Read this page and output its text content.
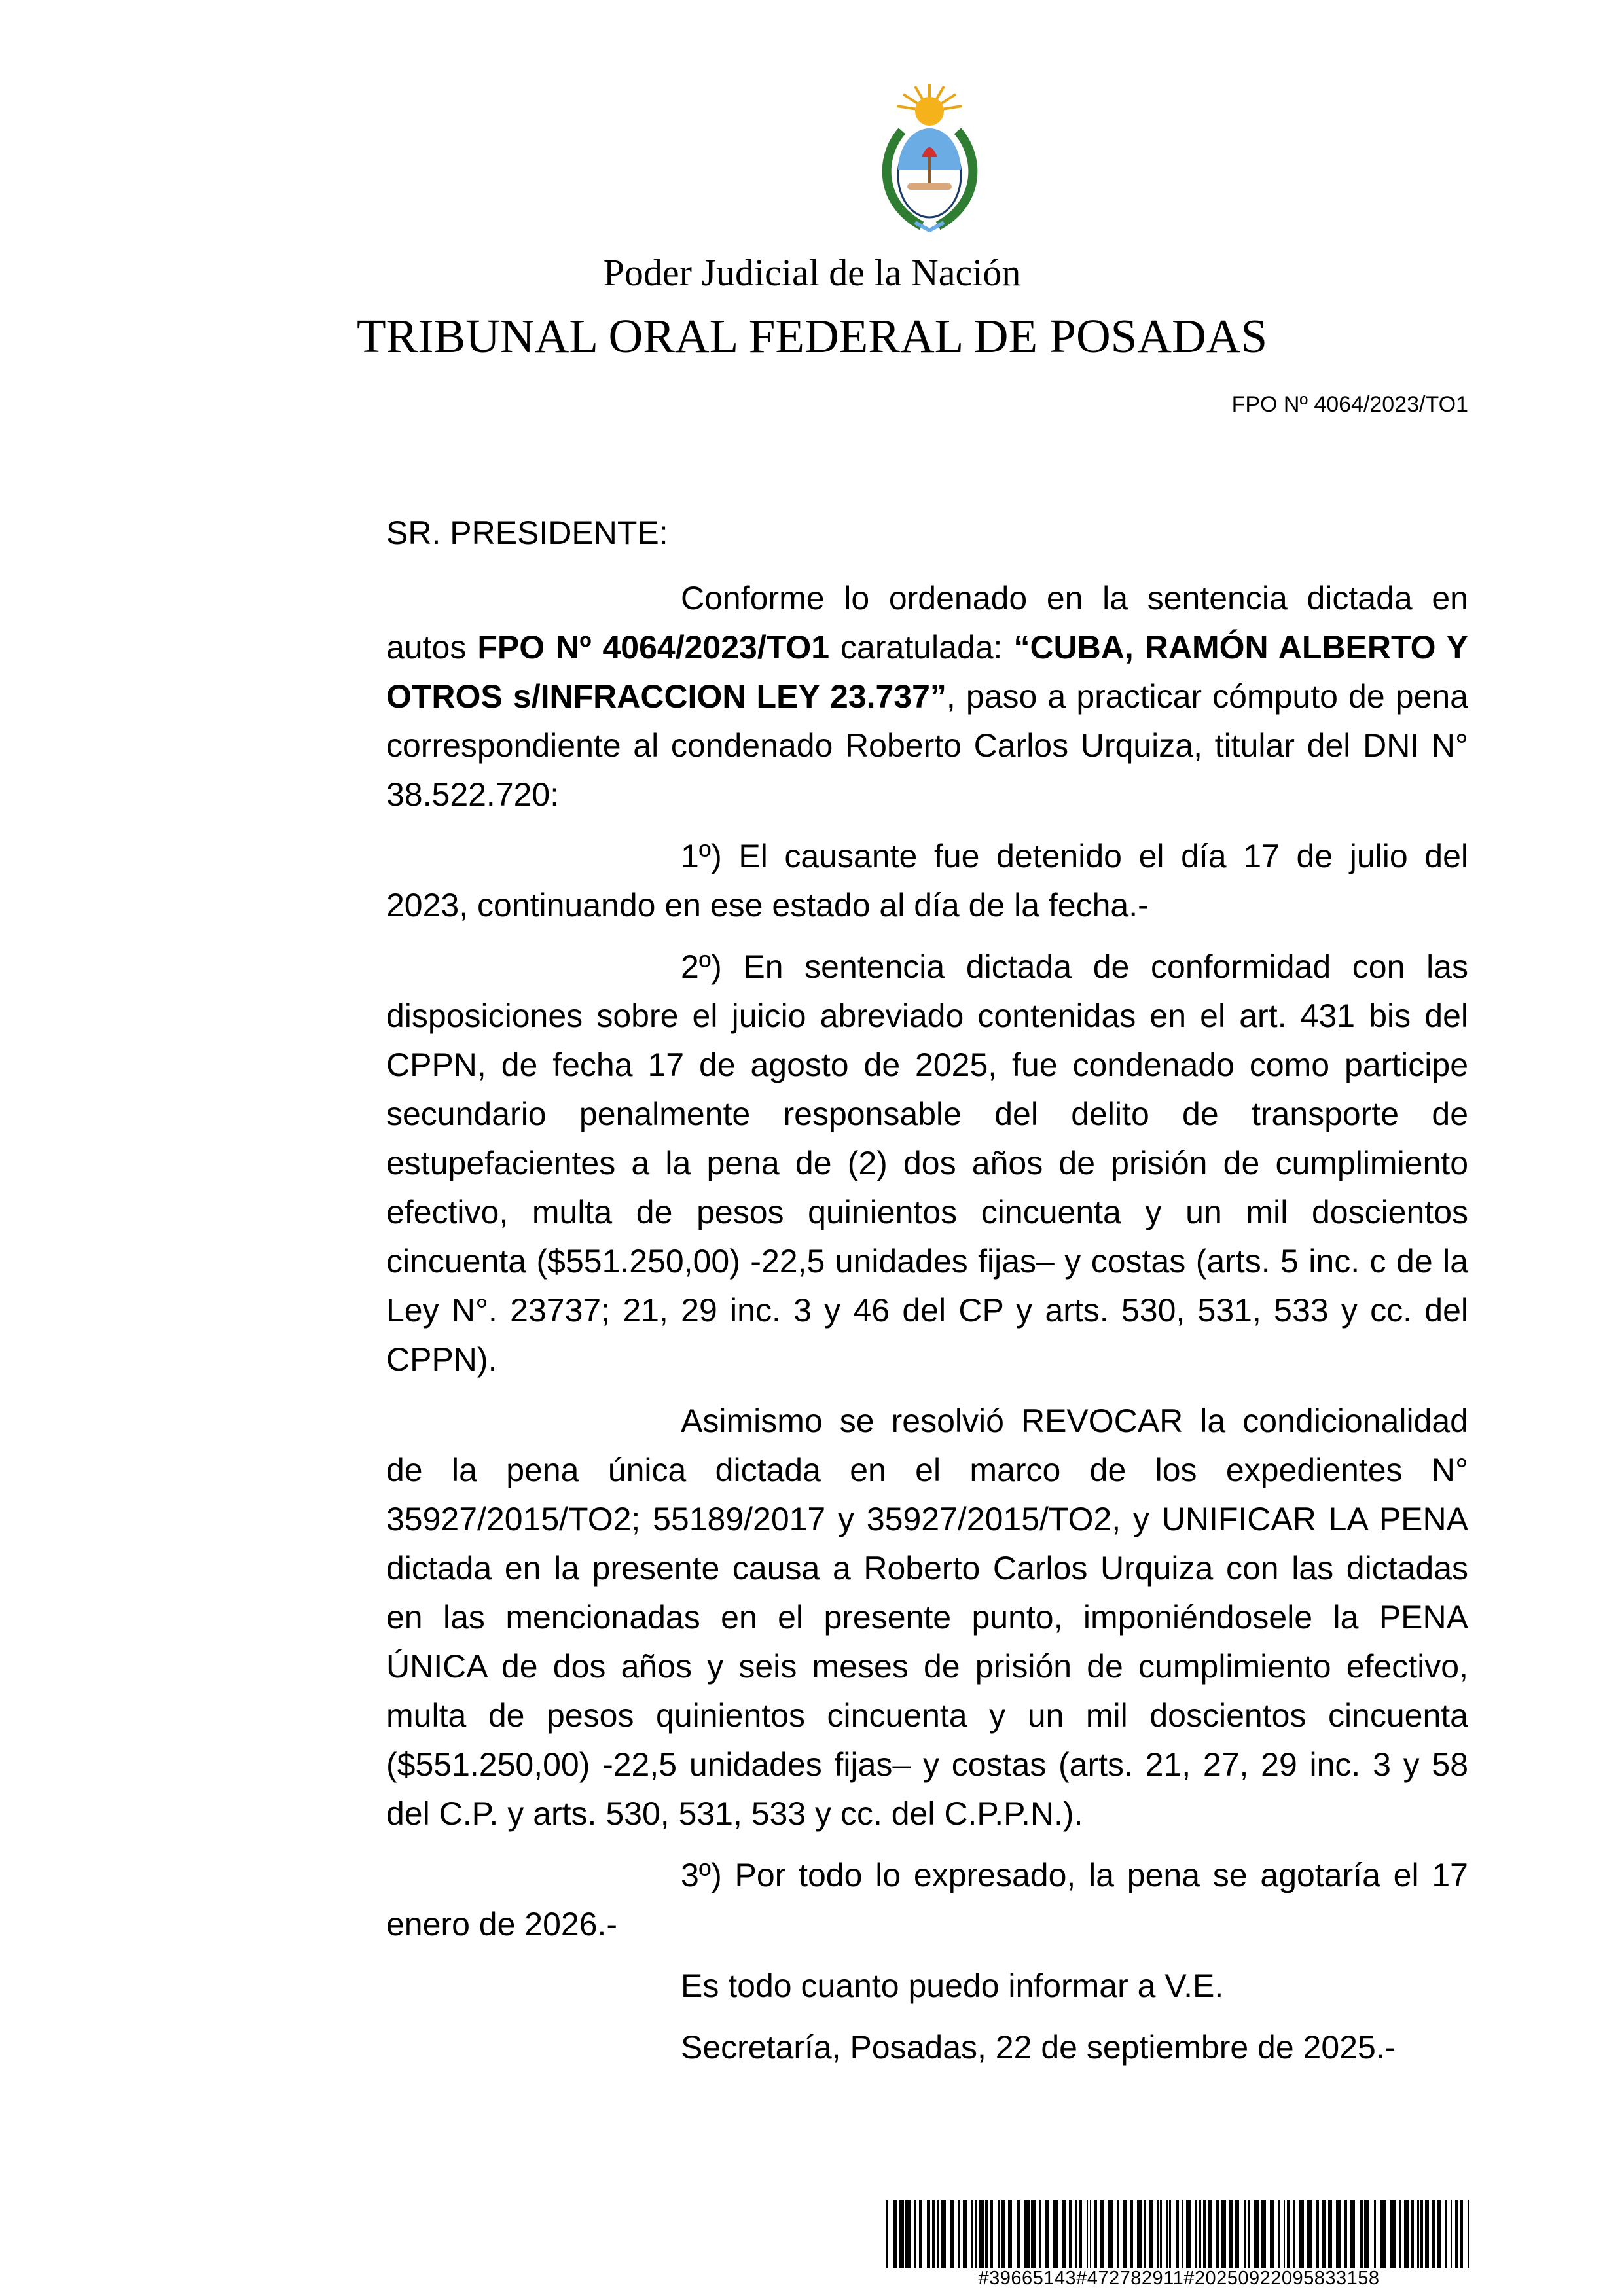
Poder Judicial de la Nación
TRIBUNAL ORAL FEDERAL DE POSADAS
FPO Nº 4064/2023/TO1
SR. PRESIDENTE:

Conforme lo ordenado en la sentencia dictada en autos FPO Nº 4064/2023/TO1 caratulada: “CUBA, RAMÓN ALBERTO Y OTROS s/INFRACCION LEY 23.737”, paso a practicar cómputo de pena correspondiente al condenado Roberto Carlos Urquiza, titular del DNI N° 38.522.720:

1º) El causante fue detenido el día 17 de julio del 2023, continuando en ese estado al día de la fecha.-

2º) En sentencia dictada de conformidad con las disposiciones sobre el juicio abreviado contenidas en el art. 431 bis del CPPN, de fecha 17 de agosto de 2025, fue condenado como participe secundario penalmente responsable del delito de transporte de estupefacientes a la pena de (2) dos años de prisión de cumplimiento efectivo, multa de pesos quinientos cincuenta y un mil doscientos cincuenta ($551.250,00) -22,5 unidades fijas– y costas (arts. 5 inc. c de la Ley N°. 23737; 21, 29 inc. 3 y 46 del CP y arts. 530, 531, 533 y cc. del CPPN).

Asimismo se resolvió REVOCAR la condicionalidad de la pena única dictada en el marco de los expedientes N° 35927/2015/TO2; 55189/2017 y 35927/2015/TO2, y UNIFICAR LA PENA dictada en la presente causa a Roberto Carlos Urquiza con las dictadas en las mencionadas en el presente punto, imponiéndosele la PENA ÚNICA de dos años y seis meses de prisión de cumplimiento efectivo, multa de pesos quinientos cincuenta y un mil doscientos cincuenta ($551.250,00) -22,5 unidades fijas– y costas (arts. 21, 27, 29 inc. 3 y 58 del C.P. y arts. 530, 531, 533 y cc. del C.P.P.N.).

3º) Por todo lo expresado, la pena se agotaría el 17 enero de 2026.-

Es todo cuanto puedo informar a V.E.

Secretaría, Posadas, 22 de septiembre de 2025.-

#39665143#472782911#20250922095833158
